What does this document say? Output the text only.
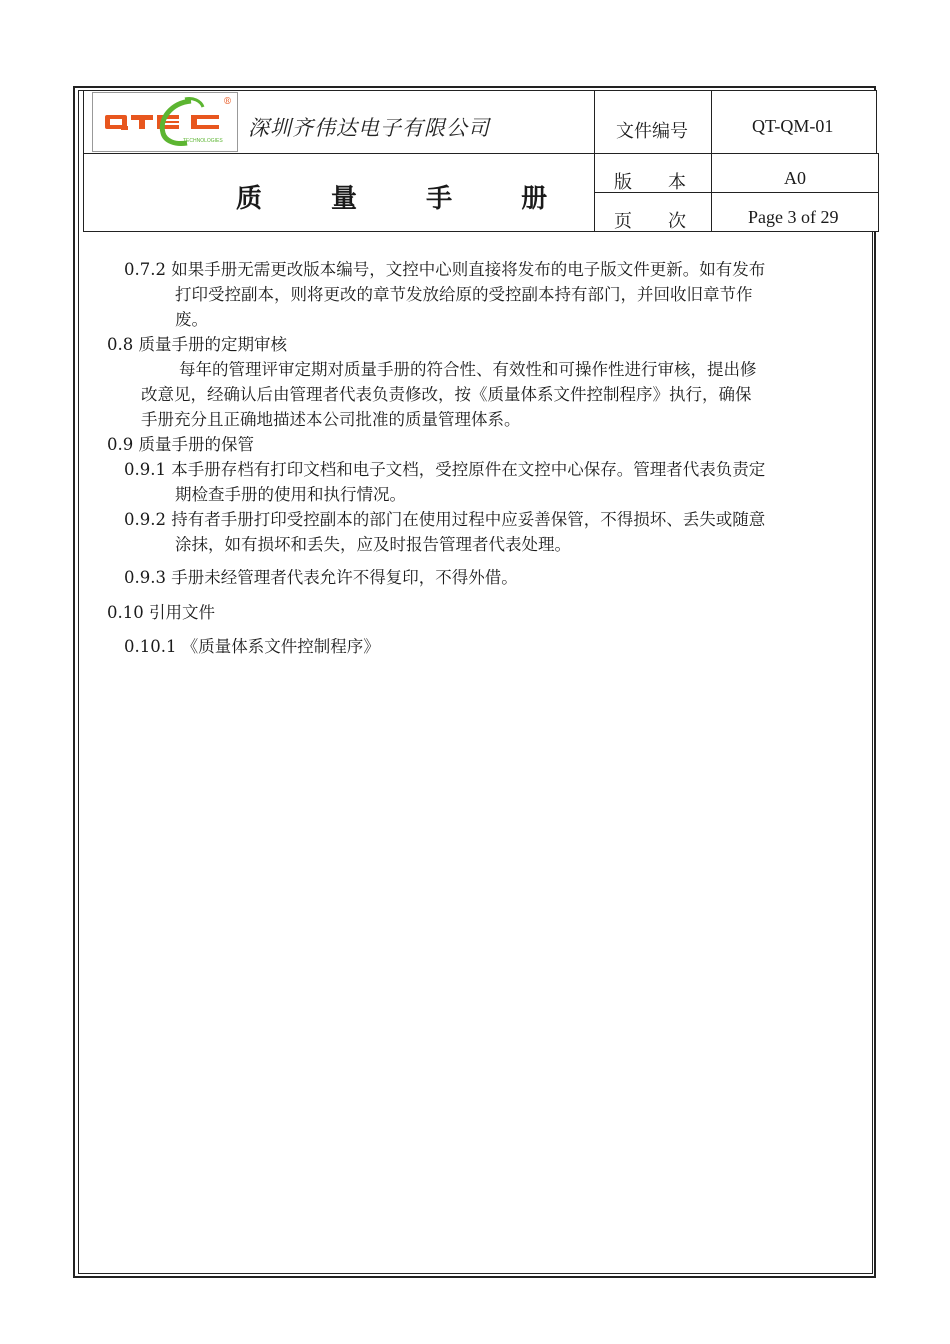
TECHNOLOGIES
®
深圳齐伟达电子有限公司
质 量 手 册
文件编号	QT-QM-01
版　　本	A0
页　　次	Page 3 of 29
0.7.2 如果手册无需更改版本编号，文控中心则直接将发布的电子版文件更新。如有发布
打印受控副本，则将更改的章节发放给原的受控副本持有部门，并回收旧章节作
废。
0.8 质量手册的定期审核
每年的管理评审定期对质量手册的符合性、有效性和可操作性进行审核，提出修
改意见，经确认后由管理者代表负责修改，按《质量体系文件控制程序》执行，确保
手册充分且正确地描述本公司批准的质量管理体系。
0.9 质量手册的保管
0.9.1 本手册存档有打印文档和电子文档，受控原件在文控中心保存。管理者代表负责定
期检查手册的使用和执行情况。
0.9.2 持有者手册打印受控副本的部门在使用过程中应妥善保管，不得损坏、丢失或随意
涂抹，如有损坏和丢失，应及时报告管理者代表处理。
0.9.3 手册未经管理者代表允许不得复印，不得外借。
0.10 引用文件
0.10.1 《质量体系文件控制程序》
